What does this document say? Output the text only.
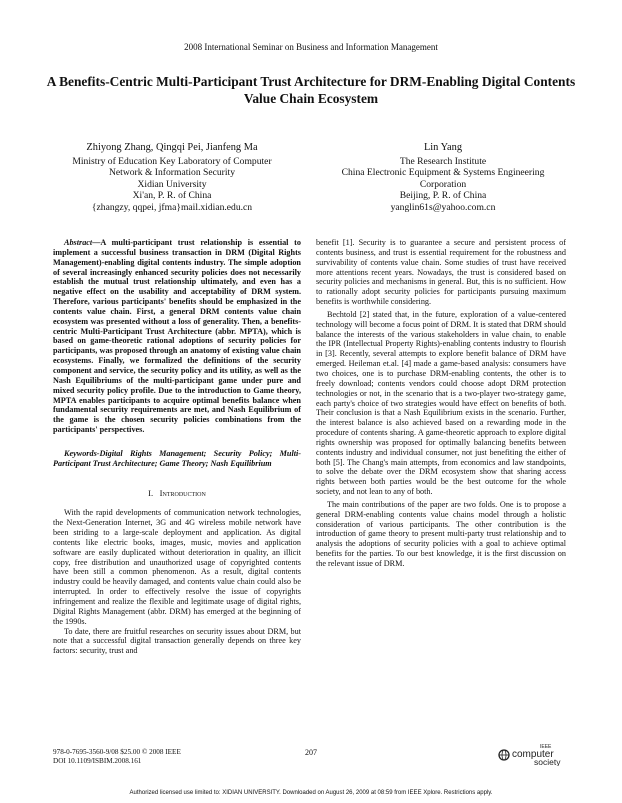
2008 International Seminar on Business and Information Management
A Benefits-Centric Multi-Participant Trust Architecture for DRM-Enabling Digital Contents Value Chain Ecosystem
Zhiyong Zhang, Qingqi Pei, Jianfeng Ma
Ministry of Education Key Laboratory of Computer
Network & Information Security
Xidian University
Xi'an, P. R. of China
{zhangzy, qqpei, jfma}mail.xidian.edu.cn
Lin Yang
The Research Institute
China Electronic Equipment & Systems Engineering
Corporation
Beijing, P. R. of China
yanglin61s@yahoo.com.cn

Abstract—A multi-participant trust relationship is essential to implement a successful business transaction in DRM (Digital Rights Management)-enabling digital contents industry. The simple adoption of several increasingly enhanced security policies does not necessarily establish the mutual trust relationship ultimately, and even has a negative effect on the usability and acceptability of DRM system. Therefore, various participants' benefits should be emphasized in the contents value chain. First, a general DRM contents value chain ecosystem was presented without a loss of generality. Then, a benefits-centric Multi-Participant Trust Architecture (abbr. MPTA), which is based on game-theoretic rational adoptions of security policies for participants, was proposed through an anatomy of existing value chain ecosystems. Finally, we formalized the definitions of the security component and service, the security policy and its utility, as well as the Nash Equilibriums of the multi-participant game under pure and mixed security policy profile. Due to the introduction to Game theory, MPTA enables participants to acquire optimal benefits balance when fundamental security requirements are met, and Nash Equilibrium of the game is the chosen security policies combinations from the participants' perspectives.

Keywords-Digital Rights Management; Security Policy; Multi-Participant Trust Architecture; Game Theory; Nash Equilibrium

I. Introduction

With the rapid developments of communication network technologies, the Next-Generation Internet, 3G and 4G wireless mobile network have been striding to a large-scale deployment and application. As digital contents like electric books, images, music, movies and application software are easily duplicated without deterioration in quality, an illicit copy, free distribution and unauthorized usage of copyrighted contents have been still a common phenomenon. As a result, digital contents industry could be heavily damaged, and contents value chain could also be interrupted. In order to effectively resolve the issue of copyrights infringement and realize the flexible and legitimate usage of digital rights, Digital Rights Management (abbr. DRM) has emerged at the beginning of the 1990s.

To date, there are fruitful researches on security issues about DRM, but note that a successful digital transaction generally depends on three key factors: security, trust and

benefit [1]. Security is to guarantee a secure and persistent process of contents business, and trust is essential requirement for the robustness and survivability of contents value chain. Some studies of trust have received more attentions recent years. Nowadays, the trust is considered based on security policies and mechanisms in general. But, this is no sufficient. How to rationally adopt security policies for participants pursuing maximum benefits is worthwhile considering.

Bechtold [2] stated that, in the future, exploration of a value-centered technology will become a focus point of DRM. It is stated that DRM should balance the interests of the various stakeholders in value chain, to enable the IPR (Intellectual Property Rights)-enabling contents industry to flourish in [3]. Recently, several attempts to explore benefit balance of DRM have emerged. Heileman et.al. [4] made a game-based analysis: consumers have two choices, one is to purchase DRM-enabling contents, the other is to freely download; contents vendors could choose adopt DRM protection technologies or not, in the scenario that is a two-player two-strategy game, each party's choice of two strategies would have effect on benefits of both. Their conclusion is that a Nash Equilibrium exists in the scenario. Further, the interest balance is also achieved based on a rewarding mode in the procedure of contents sharing. A game-theoretic approach to explore digital rights ownership was proposed for optimally balancing benefits between contents industry and individual consumer, not just benefiting the either of both [5]. The Chang's main attempts, from economics and law standpoints, to solve the debate over the DRM ecosystem show that sharing access rights between both parties would be the best outcome for the whole society, and not lean to any of both.

The main contributions of the paper are two folds. One is to propose a general DRM-enabling contents value chains model through a holistic consideration of various participants. The other contribution is the introduction of game theory to present multi-party trust relationship and to analysis the adoptions of security policies with a goal to achieve optimal benefits for the parties. To our best knowledge, it is the first discussion on the relevant issue of DRM.

978-0-7695-3560-9/08 $25.00 © 2008 IEEE
DOI 10.1109/ISBIM.2008.161
207
IEEE
computer
society
Authorized licensed use limited to: XIDIAN UNIVERSITY. Downloaded on August 26, 2009 at 08:59 from IEEE Xplore. Restrictions apply.
